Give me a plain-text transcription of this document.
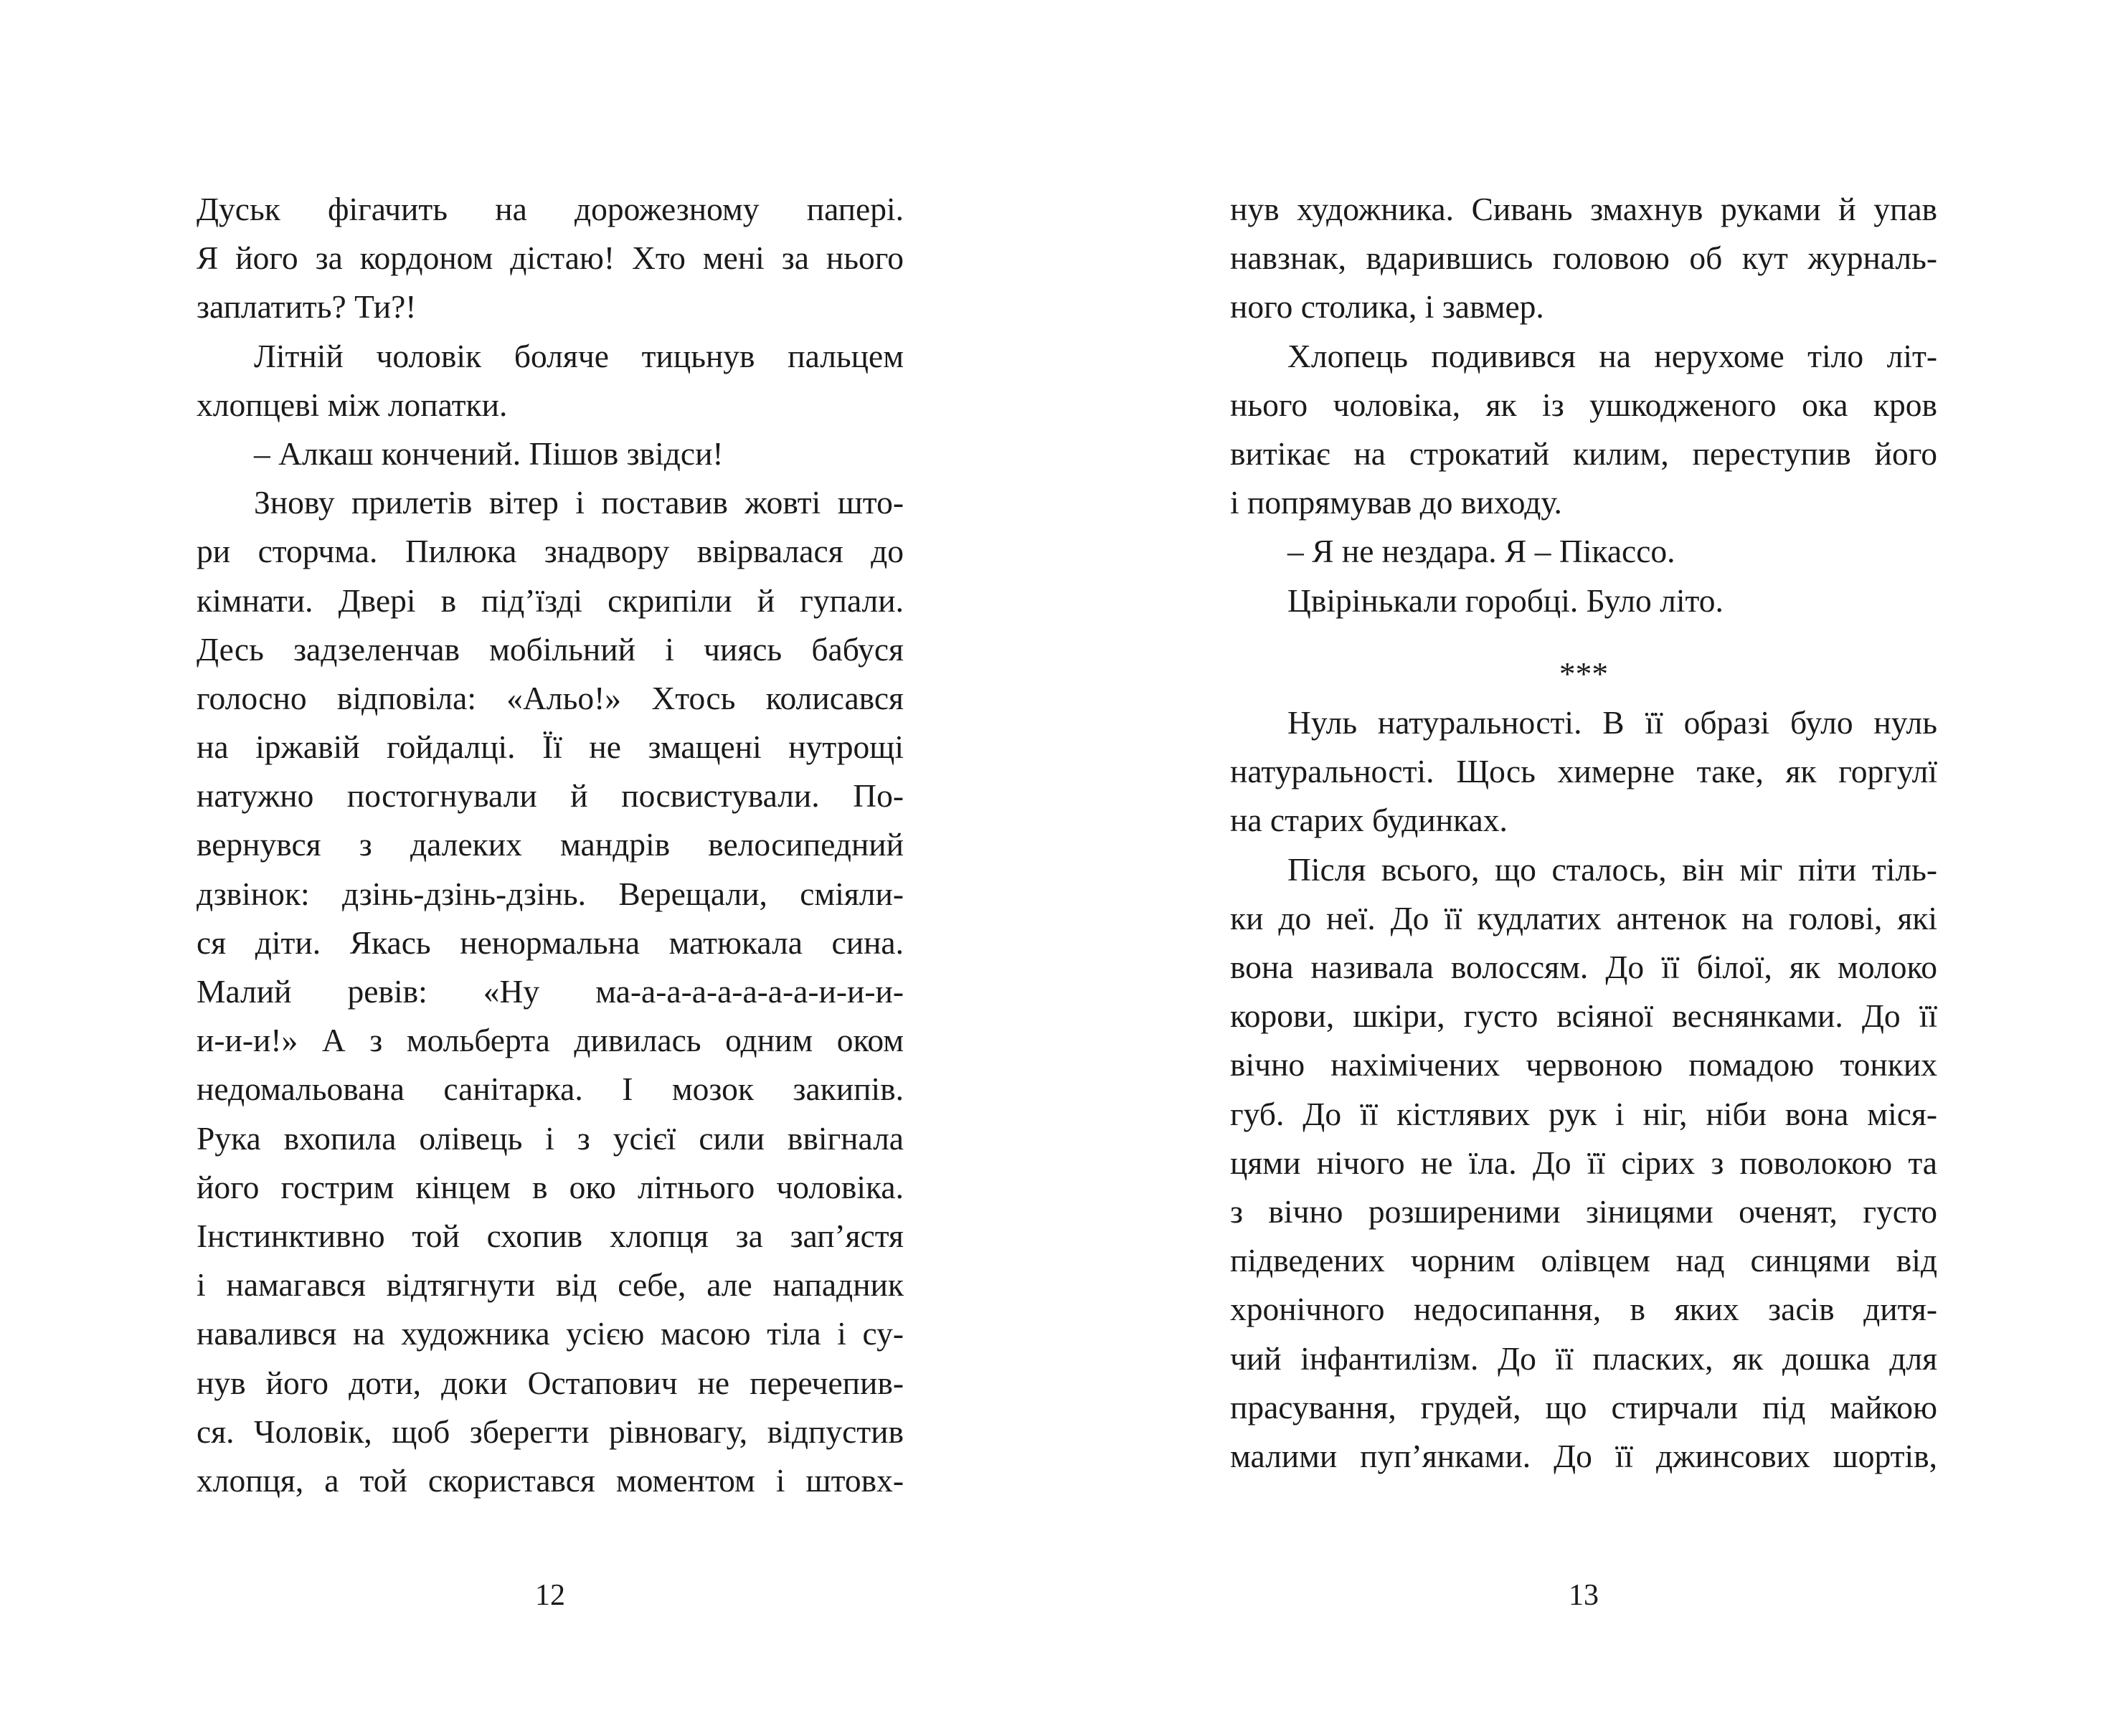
Дуськ фігачить на дорожезному папері.
Я його за кордоном дістаю! Хто мені за нього
заплатить? Ти?!
Літній чоловік боляче тицьнув пальцем
хлопцеві між лопатки.
– Алкаш кончений. Пішов звідси!
Знову прилетів вітер і поставив жовті што-
ри сторчма. Пилюка знадвору ввірвалася до
кімнати. Двері в під’їзді скрипіли й гупали.
Десь задзеленчав мобільний і чиясь бабуся
голосно відповіла: «Альо!» Хтось колисався
на іржавій гойдалці. Її не змащені нутрощі
натужно постогнували й посвистували. По-
вернувся з далеких мандрів велосипедний
дзвінок: дзінь-дзінь-дзінь. Верещали, сміяли-
ся діти. Якась ненормальна матюкала сина.
Малий ревів: «Ну ма-а-а-а-а-а-а-а-и-и-и-
и-и-и!» А з мольберта дивилась одним оком
недомальована санітарка. І мозок закипів.
Рука вхопила олівець і з усієї сили ввігнала
його гострим кінцем в око літнього чоловіка.
Інстинктивно той схопив хлопця за зап’ястя
і намагався відтягнути від себе, але нападник
навалився на художника усією масою тіла і су-
нув його доти, доки Остапович не перечепив-
ся. Чоловік, щоб зберегти рівновагу, відпустив
хлопця, а той скористався моментом і штовх-
12
нув художника. Сивань змахнув руками й упав
навзнак, вдарившись головою об кут журналь-
ного столика, і завмер.
Хлопець подивився на нерухоме тіло літ-
нього чоловіка, як із ушкодженого ока кров
витікає на строкатий килим, переступив його
і попрямував до виходу.
– Я не нездара. Я – Пікассо.
Цвірінькали горобці. Було літо.
***
Нуль натуральності. В її образі було нуль
натуральності. Щось химерне таке, як горгулї
на старих будинках.
Після всього, що сталось, він міг піти тіль-
ки до неї. До її кудлатих антенок на голові, які
вона називала волоссям. До її білої, як молоко
корови, шкіри, густо всіяної веснянками. До її
вічно нахімічених червоною помадою тонких
губ. До її кістлявих рук і ніг, ніби вона міся-
цями нічого не їла. До її сірих з поволокою та
з вічно розширеними зіницями оченят, густо
підведених чорним олівцем над синцями від
хронічного недосипання, в яких засів дитя-
чий інфантилізм. До її пласких, як дошка для
прасування, грудей, що стирчали під майкою
малими пуп’янками. До її джинсових шортів,
13
